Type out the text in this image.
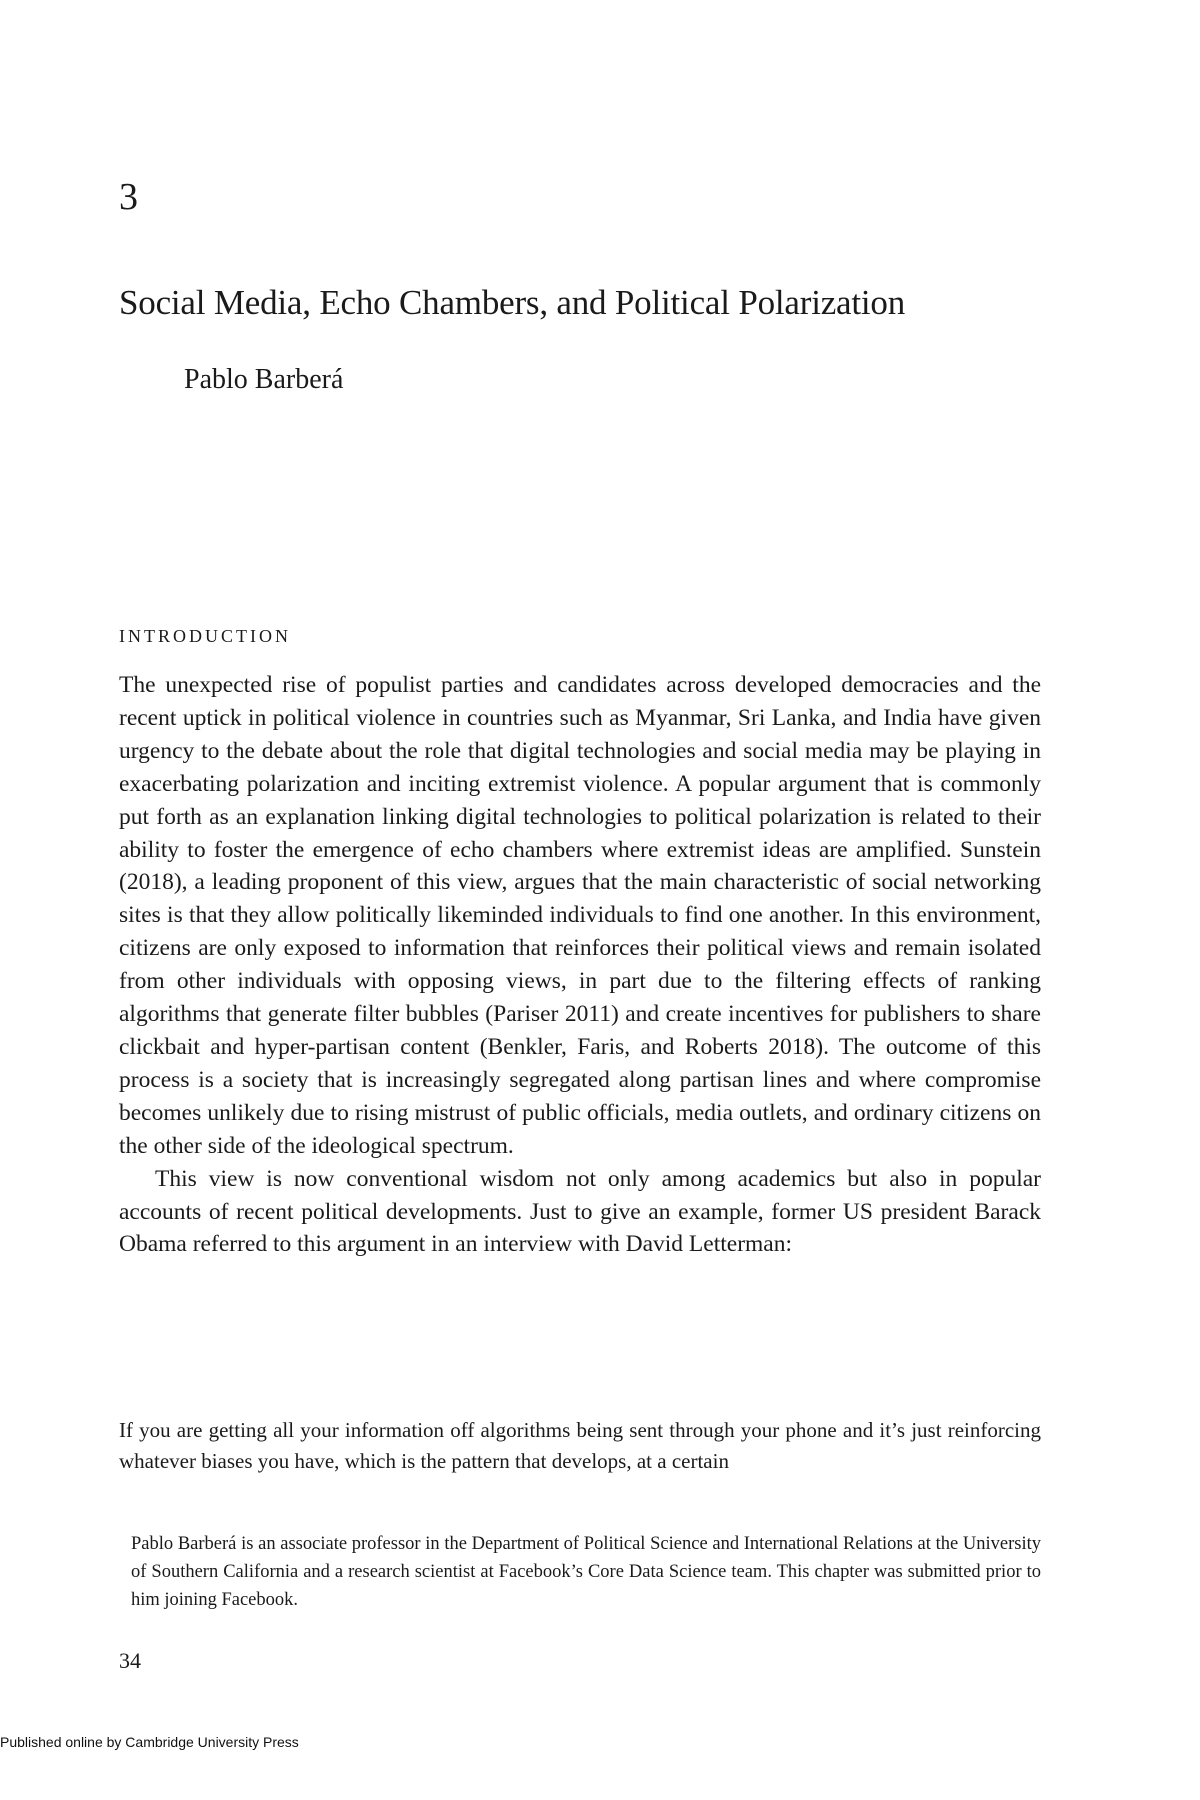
3
Social Media, Echo Chambers, and Political Polarization
Pablo Barberá
INTRODUCTION

The unexpected rise of populist parties and candidates across developed democracies and the recent uptick in political violence in countries such as Myanmar, Sri Lanka, and India have given urgency to the debate about the role that digital technologies and social media may be playing in exacerbating polarization and inciting extremist violence. A popular argument that is commonly put forth as an explanation linking digital technologies to political polarization is related to their ability to foster the emergence of echo chambers where extremist ideas are amplified. Sunstein (2018), a leading proponent of this view, argues that the main characteristic of social networking sites is that they allow politically likeminded individuals to find one another. In this environment, citizens are only exposed to information that reinforces their political views and remain isolated from other individuals with opposing views, in part due to the filtering effects of ranking algorithms that generate filter bubbles (Pariser 2011) and create incentives for publishers to share clickbait and hyper-partisan content (Benkler, Faris, and Roberts 2018). The outcome of this process is a society that is increasingly segregated along partisan lines and where compromise becomes unlikely due to rising mistrust of public officials, media outlets, and ordinary citizens on the other side of the ideological spectrum.

This view is now conventional wisdom not only among academics but also in popular accounts of recent political developments. Just to give an example, former US president Barack Obama referred to this argument in an interview with David Letterman:

If you are getting all your information off algorithms being sent through your phone and it’s just reinforcing whatever biases you have, which is the pattern that develops, at a certain
Pablo Barberá is an associate professor in the Department of Political Science and International Relations at the University of Southern California and a research scientist at Facebook’s Core Data Science team. This chapter was submitted prior to him joining Facebook.
34
Published online by Cambridge University Press
